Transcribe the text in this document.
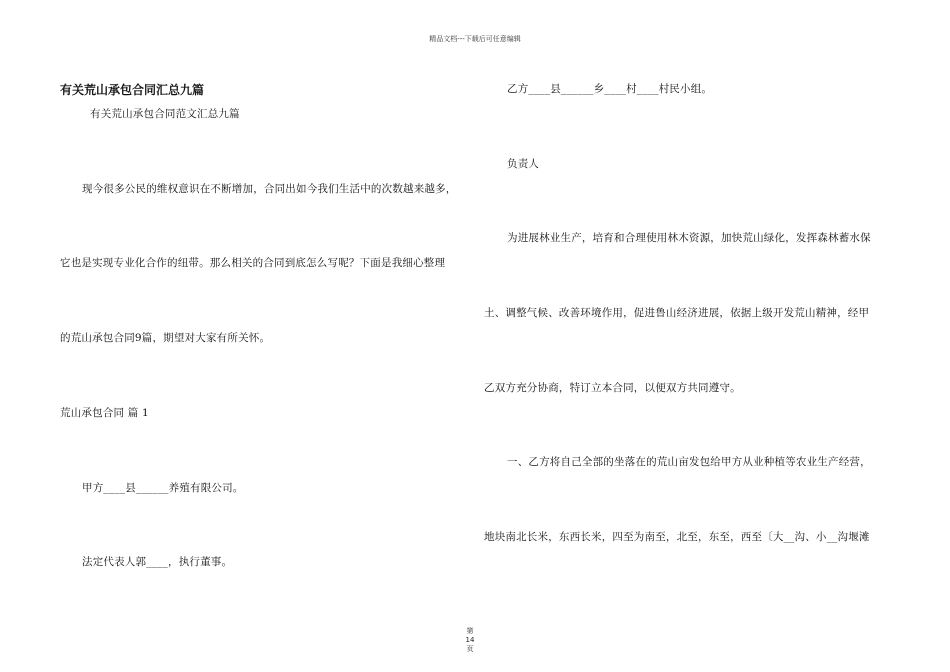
精品文档---下载后可任意编辑
有关荒山承包合同汇总九篇
有关荒山承包合同范文汇总九篇
现今很多公民的维权意识在不断增加，合同出如今我们生活中的次数越来越多，
它也是实现专业化合作的纽带。那么相关的合同到底怎么写呢？下面是我细心整理
的荒山承包合同9篇，期望对大家有所关怀。
荒山承包合同 篇 1
甲方____县______养殖有限公司。
法定代表人郭____，执行董事。
乙方____县______乡____村____村民小组。
负责人
为进展林业生产，培育和合理使用林木资源，加快荒山绿化，发挥森林蓄水保
土、调整气候、改善环境作用，促进鲁山经济进展，依据上级开发荒山精神，经甲
乙双方充分协商，特订立本合同，以便双方共同遵守。
一、乙方将自己全部的坐落在的荒山亩发包给甲方从业种植等农业生产经营，
地块南北长米，东西长米，四至为南至，北至，东至，西至〔大__沟、小__沟堰滩
第
14
页
